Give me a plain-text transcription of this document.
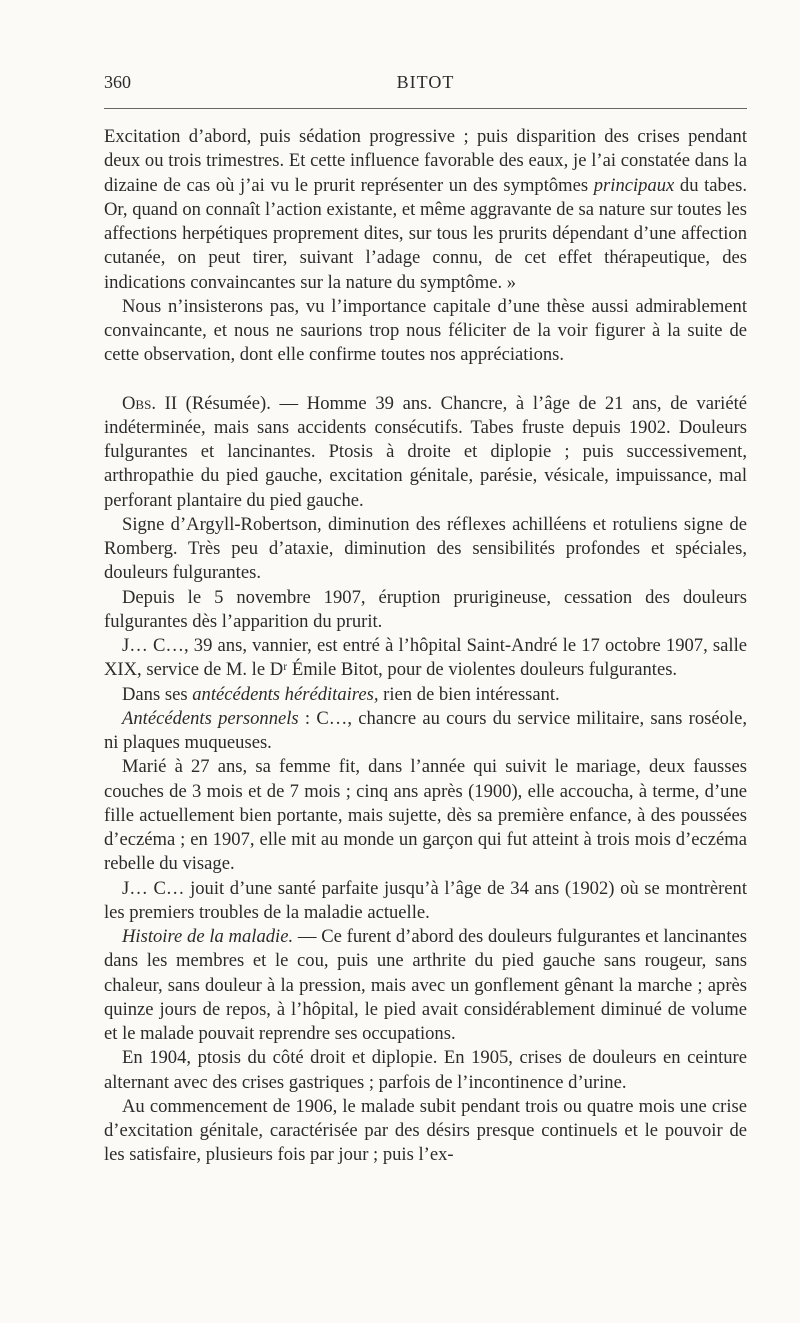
360	BITOT

Excitation d’abord, puis sédation progressive ; puis disparition des crises pendant deux ou trois trimestres. Et cette influence favorable des eaux, je l’ai constatée dans la dizaine de cas où j’ai vu le prurit représenter un des symptômes principaux du tabes. Or, quand on connaît l’action existante, et même aggravante de sa nature sur toutes les affections herpétiques proprement dites, sur tous les prurits dépendant d’une affection cutanée, on peut tirer, suivant l’adage connu, de cet effet thérapeutique, des indications convaincantes sur la nature du symptôme. »

Nous n’insisterons pas, vu l’importance capitale d’une thèse aussi admirablement convaincante, et nous ne saurions trop nous féliciter de la voir figurer à la suite de cette observation, dont elle confirme toutes nos appréciations.

Obs. II (Résumée). — Homme 39 ans. Chancre, à l’âge de 21 ans, de variété indéterminée, mais sans accidents consécutifs. Tabes fruste depuis 1902. Douleurs fulgurantes et lancinantes. Ptosis à droite et diplopie ; puis successivement, arthropathie du pied gauche, excitation génitale, parésie, vésicale, impuissance, mal perforant plantaire du pied gauche.

Signe d’Argyll-Robertson, diminution des réflexes achilléens et rotuliens signe de Romberg. Très peu d’ataxie, diminution des sensibilités profondes et spéciales, douleurs fulgurantes.

Depuis le 5 novembre 1907, éruption prurigineuse, cessation des douleurs fulgurantes dès l’apparition du prurit.

J… C…, 39 ans, vannier, est entré à l’hôpital Saint-André le 17 octobre 1907, salle XIX, service de M. le Dʳ Émile Bitot, pour de violentes douleurs fulgurantes.

Dans ses antécédents héréditaires, rien de bien intéressant.

Antécédents personnels : C…, chancre au cours du service militaire, sans roséole, ni plaques muqueuses.

Marié à 27 ans, sa femme fit, dans l’année qui suivit le mariage, deux fausses couches de 3 mois et de 7 mois ; cinq ans après (1900), elle accoucha, à terme, d’une fille actuellement bien portante, mais sujette, dès sa première enfance, à des poussées d’eczéma ; en 1907, elle mit au monde un garçon qui fut atteint à trois mois d’eczéma rebelle du visage.

J… C… jouit d’une santé parfaite jusqu’à l’âge de 34 ans (1902) où se montrèrent les premiers troubles de la maladie actuelle.

Histoire de la maladie. — Ce furent d’abord des douleurs fulgurantes et lancinantes dans les membres et le cou, puis une arthrite du pied gauche sans rougeur, sans chaleur, sans douleur à la pression, mais avec un gonflement gênant la marche ; après quinze jours de repos, à l’hôpital, le pied avait considérablement diminué de volume et le malade pouvait reprendre ses occupations.

En 1904, ptosis du côté droit et diplopie. En 1905, crises de douleurs en ceinture alternant avec des crises gastriques ; parfois de l’incontinence d’urine.

Au commencement de 1906, le malade subit pendant trois ou quatre mois une crise d’excitation génitale, caractérisée par des désirs presque continuels et le pouvoir de les satisfaire, plusieurs fois par jour ; puis l’ex-
